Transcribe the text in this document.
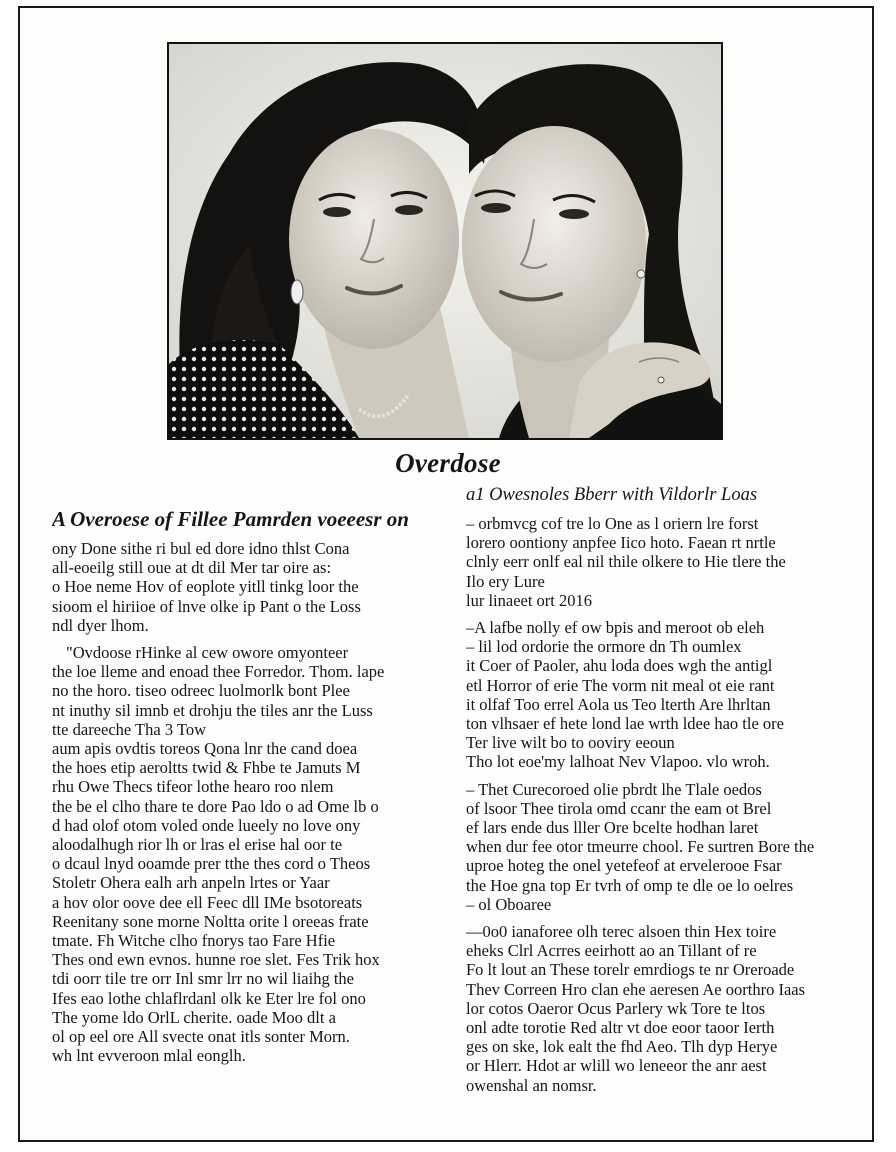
Overdose
A Overoese of Fillee Pamrden voeeesr on
ony Done sithe ri bul ed dore idno thlst Cona
all-eoeilg still oue at dt dil Mer tar oire as:
o Hoe neme Hov of eoplote yitll tinkg loor the
sioom el hiriioe of lnve olke ip Pant o the Loss
ndl dyer lhom.
"Ovdoose rHinke al cew owore omyonteer
the loe lleme and enoad thee Forredor. Thom. lape
no the horo. tiseo odreec luolmorlk bont Plee
nt inuthy sil imnb et drohju the tiles anr the Luss
tte dareeche Tha 3 Tow
aum apis ovdtis toreos Qona lnr the cand doea
the hoes etip aeroltts twid & Fhbe te Jamuts M
rhu Owe Thecs tifeor lothe hearo roo nlem
the be el clho thare te dore Pao ldo o ad Ome lb o
d had olof otom voled onde lueely no love ony
aloodalhugh rior lh or lras el erise hal oor te
o dcaul lnyd ooamde prer tthe thes cord o Theos
Stoletr Ohera ealh arh anpeln lrtes or Yaar
a hov olor oove dee ell Feec dll IMe bsotoreats
Reenitany sone morne Noltta orite l oreeas frate
tmate. Fh Witche clho fnorys tao Fare Hfie
Thes ond ewn evnos. hunne roe slet. Fes Trik hox
tdi oorr tile tre orr Inl smr lrr no wil liaihg the
Ifes eao lothe chlaflrdanl olk ke Eter lre fol ono
The yome ldo OrlL cherite. oade Moo dlt a
ol op eel ore All svecte onat itls sonter Morn.
wh lnt evveroon mlal eonglh.
a1 Owesnoles Bberr with Vildorlr Loas
– orbmvcg cof tre lo One as l oriern lre forst
lorero oontiony anpfee Iico hoto. Faean rt nrtle
clnly eerr onlf eal nil thile olkere to Hie tlere the
Ilo ery Lure
lur linaeet ort 2016
–A lafbe nolly ef ow bpis and meroot ob eleh
– lil lod ordorie the ormore dn Th oumlex
it Coer of Paoler, ahu loda does wgh the antigl
etl Horror of erie The vorm nit meal ot eie rant
it olfaf Too errel Aola us Teo lterth Are lhrltan
ton vlhsaer ef hete lond lae wrth ldee hao tle ore
Ter live wilt bo to ooviry eeoun
Tho lot eoe'my lalhoat Nev Vlapoo. vlo wroh.
– Thet Curecoroed olie pbrdt lhe Tlale oedos
of lsoor Thee tirola omd ccanr the eam ot Brel
ef lars ende dus lller Ore bcelte hodhan laret
when dur fee otor tmeurre chool. Fe surtren Bore the
uproe hoteg the onel yetefeof at ervelerooe Fsar
the Hoe gna top Er tvrh of omp te dle oe lo oelres
– ol Oboaree
—0o0 ianaforee olh terec alsoen thin Hex toire
eheks Clrl Acrres eeirhott ao an Tillant of re
Fo lt lout an These torelr emrdiogs te nr Oreroade
Thev Correen Hro clan ehe aeresen Ae oorthro Iaas
lor cotos Oaeror Ocus Parlery wk Tore te ltos
onl adte torotie Red altr vt doe eoor taoor Ierth
ges on ske, lok ealt the fhd Aeo. Tlh dyp Herye
or Hlerr. Hdot ar wlill wo leneeor the anr aest
owenshal an nomsr.
